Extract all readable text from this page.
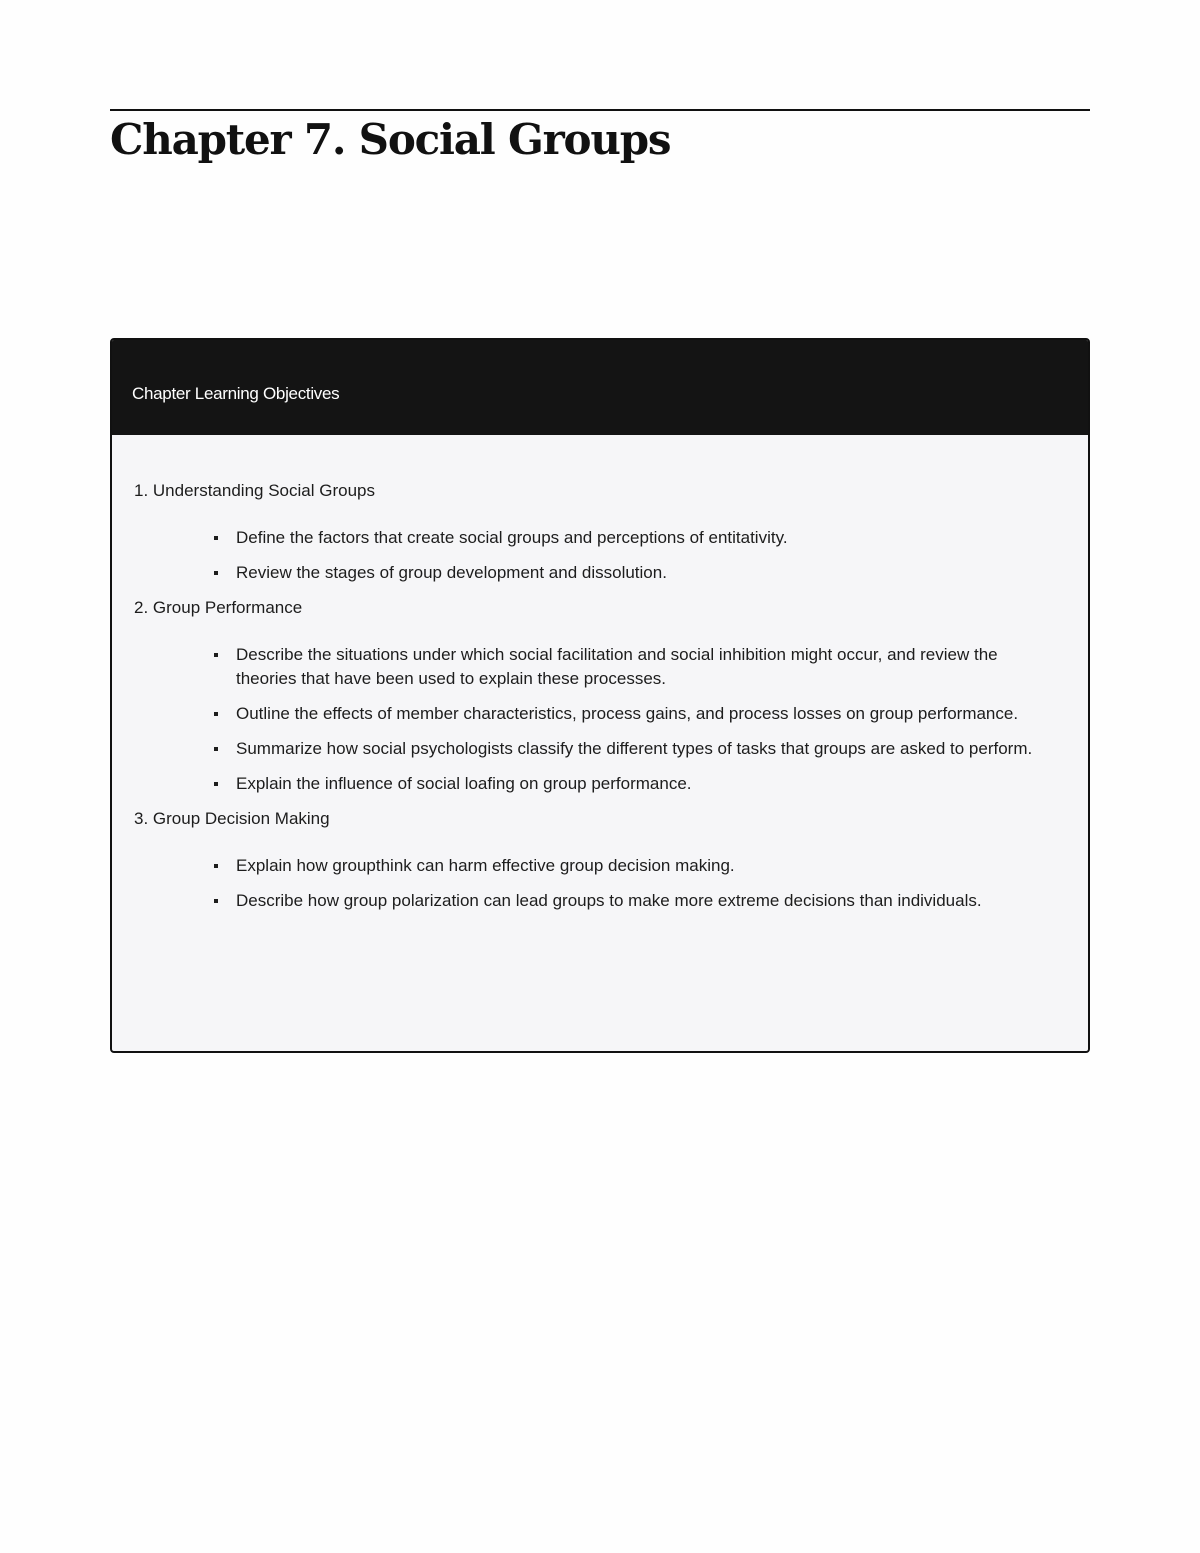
Chapter 7. Social Groups
Chapter Learning Objectives

1. Understanding Social Groups

Define the factors that create social groups and perceptions of entitativity.
Review the stages of group development and dissolution.

2. Group Performance

Describe the situations under which social facilitation and social inhibition might occur, and review the theories that have been used to explain these processes.
Outline the effects of member characteristics, process gains, and process losses on group performance.
Summarize how social psychologists classify the different types of tasks that groups are asked to perform.
Explain the influence of social loafing on group performance.

3. Group Decision Making

Explain how groupthink can harm effective group decision making.
Describe how group polarization can lead groups to make more extreme decisions than individuals.
